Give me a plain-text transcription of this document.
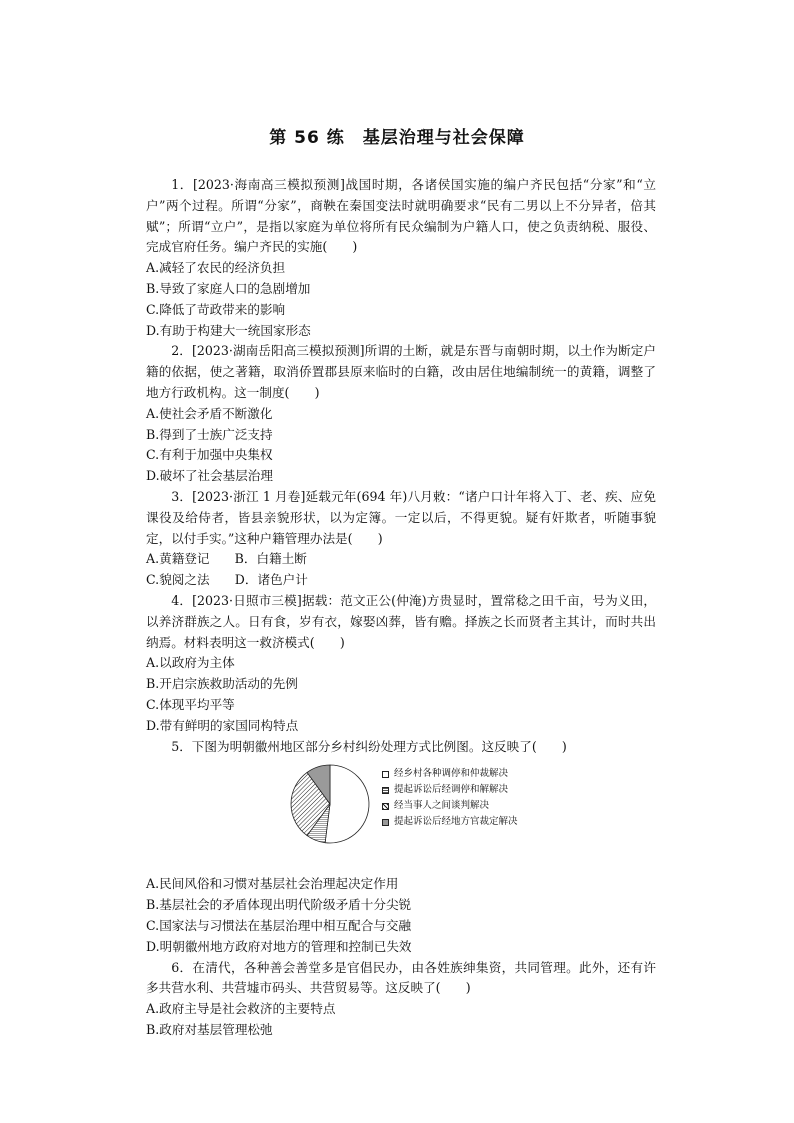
第 56 练　基层治理与社会保障

1．[2023·海南高三模拟预测]战国时期，各诸侯国实施的编户齐民包括“分家”和“立户”两个过程。所谓“分家”，商鞅在秦国变法时就明确要求“民有二男以上不分异者，倍其赋”；所谓“立户”，是指以家庭为单位将所有民众编制为户籍人口，使之负责纳税、服役、完成官府任务。编户齐民的实施(　　)

A.减轻了农民的经济负担

B.导致了家庭人口的急剧增加

C.降低了苛政带来的影响

D.有助于构建大一统国家形态

2．[2023·湖南岳阳高三模拟预测]所谓的土断，就是东晋与南朝时期，以土作为断定户籍的依据，使之著籍，取消侨置郡县原来临时的白籍，改由居住地编制统一的黄籍，调整了地方行政机构。这一制度(　　)

A.使社会矛盾不断激化

B.得到了士族广泛支持

C.有利于加强中央集权

D.破坏了社会基层治理

3．[2023·浙江 1 月卷]延载元年(694 年)八月敕：“诸户口计年将入丁、老、疾、应免课役及给侍者，皆县亲貌形状，以为定簿。一定以后，不得更貌。疑有奸欺者，听随事貌定，以付手实。”这种户籍管理办法是(　　)

A.黄籍登记　　B．白籍土断

C.貌阅之法　　D．诸色户计

4．[2023·日照市三模]据载：范文正公(仲淹)方贵显时，置常稔之田千亩，号为义田，以养济群族之人。日有食，岁有衣，嫁娶凶葬，皆有赡。择族之长而贤者主其计，而时共出纳焉。材料表明这一救济模式(　　)

A.以政府为主体

B.开启宗族救助活动的先例

C.体现平均平等

D.带有鲜明的家国同构特点

5．下图为明朝徽州地区部分乡村纠纷处理方式比例图。这反映了(　　)

经乡村各种调停和仲裁解决
提起诉讼后经调停和解解决
经当事人之间谈判解决
提起诉讼后经地方官裁定解决

A.民间风俗和习惯对基层社会治理起决定作用

B.基层社会的矛盾体现出明代阶级矛盾十分尖锐

C.国家法与习惯法在基层治理中相互配合与交融

D.明朝徽州地方政府对地方的管理和控制已失效

6．在清代，各种善会善堂多是官倡民办，由各姓族绅集资，共同管理。此外，还有许多共营水利、共营墟市码头、共营贸易等。这反映了(　　)

A.政府主导是社会救济的主要特点

B.政府对基层管理松弛
